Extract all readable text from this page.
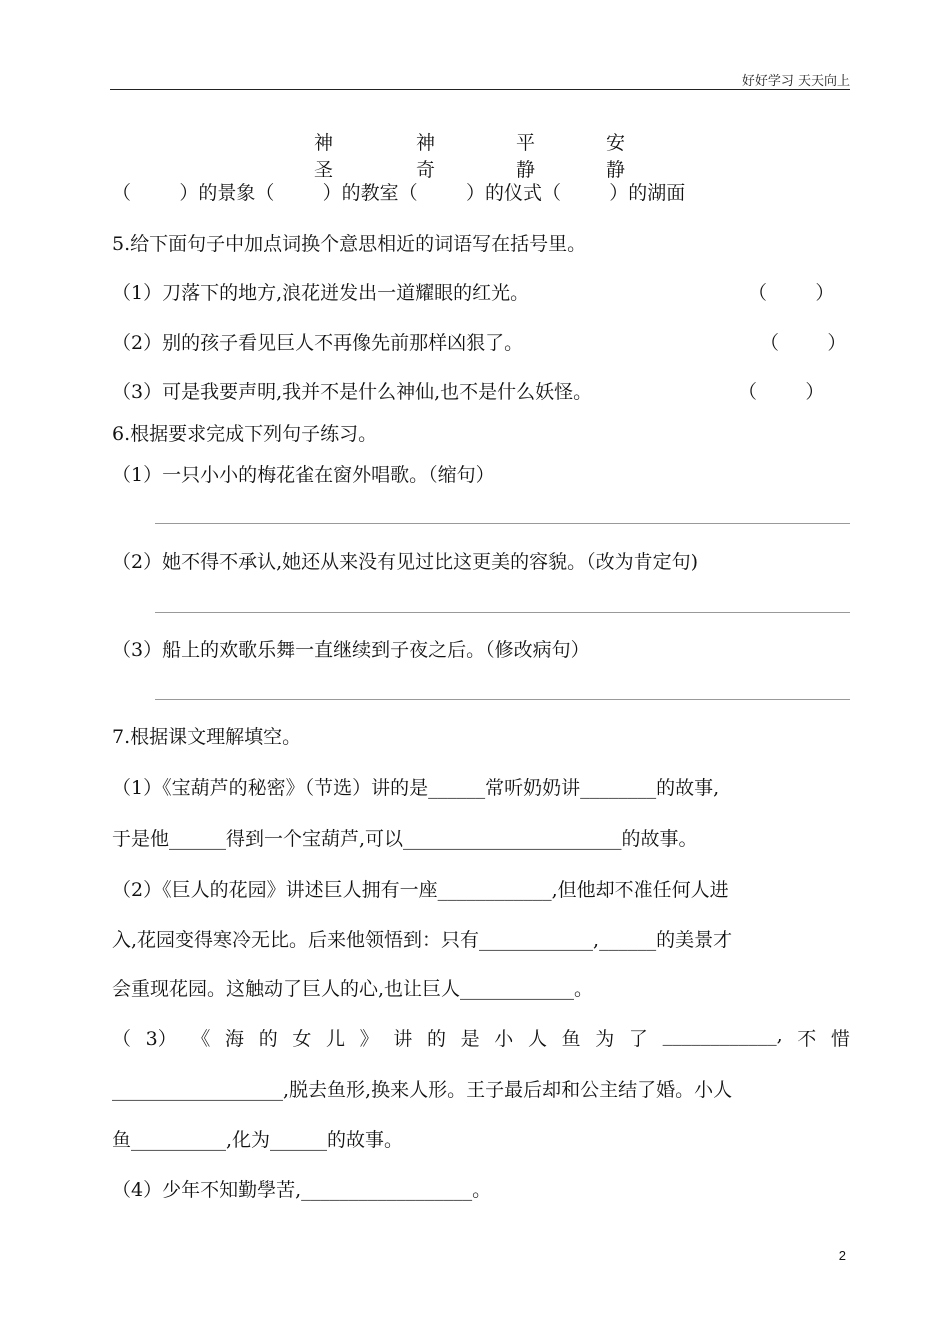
好好学习 天天向上
神圣
神奇
平静
安静
（        ）的景象（        ）的教室（        ）的仪式（        ）的湖面
5.给下面句子中加点词换个意思相近的词语写在括号里。
（1）刀落下的地方,浪花迸发出一道耀眼的红光。	（        ）
（2）别的孩子看见巨人不再像先前那样凶狠了。	（        ）
（3）可是我要声明,我并不是什么神仙,也不是什么妖怪。	（        ）
6.根据要求完成下列句子练习。
（1）一只小小的梅花雀在窗外唱歌。（缩句）
（2）她不得不承认,她还从来没有见过比这更美的容貌。（改为肯定句)
（3）船上的欢歌乐舞一直继续到子夜之后。（修改病句）
7.根据课文理解填空。
（1）《宝葫芦的秘密》（节选）讲的是______常听奶奶讲________的故事,
于是他______得到一个宝葫芦,可以_______________________的故事。
（2）《巨人的花园》讲述巨人拥有一座____________,但他却不准任何人进
入,花园变得寒冷无比。后来他领悟到：只有____________,______的美景才
会重现花园。这触动了巨人的心,也让巨人____________。
（ 3） 《 海 的 女 儿 》 讲 的 是 小 人 鱼 为 了 ____________, 不 惜
__________________,脱去鱼形,换来人形。王子最后却和公主结了婚。小人
鱼__________,化为______的故事。
（4）少年不知勤學苦,__________________。
2
